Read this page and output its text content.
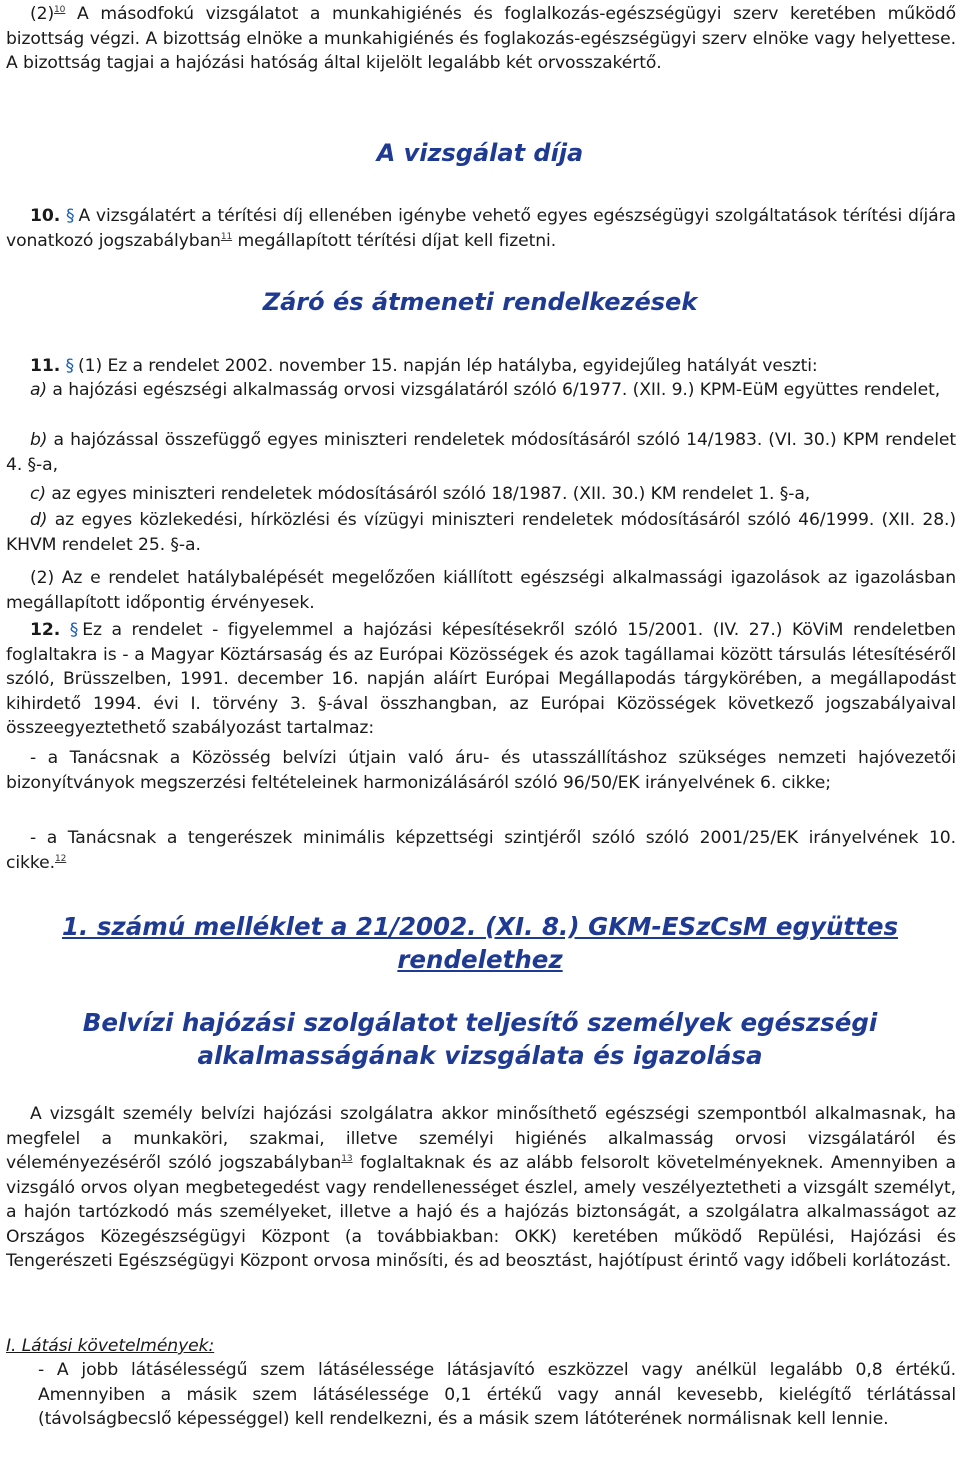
(2)$^{10}$ A másodfokú vizsgálatot a munkahigiénés és foglalkozás-egészségügyi szerv keretében működő bizottság végzi. A bizottság elnöke a munkahigiénés és foglakozás-egészségügyi szerv elnöke vagy helyettese. A bizottság tagjai a hajózási hatóság által kijelölt legalább két orvosszakértő.

A vizsgálat díja

10. § A vizsgálatért a térítési díj ellenében igénybe vehető egyes egészségügyi szolgáltatások térítési díjára vonatkozó jogszabályban$^{11}$ megállapított térítési díjat kell fizetni.

Záró és átmeneti rendelkezések

11. § (1) Ez a rendelet 2002. november 15. napján lép hatályba, egyidejűleg hatályát veszti:

a) a hajózási egészségi alkalmasság orvosi vizsgálatáról szóló 6/1977. (XII. 9.) KPM-EüM együttes rendelet,

b) a hajózással összefüggő egyes miniszteri rendeletek módosításáról szóló 14/1983. (VI. 30.) KPM rendelet 4. §-a,

c) az egyes miniszteri rendeletek módosításáról szóló 18/1987. (XII. 30.) KM rendelet 1. §-a,

d) az egyes közlekedési, hírközlési és vízügyi miniszteri rendeletek módosításáról szóló 46/1999. (XII. 28.) KHVM rendelet 25. §-a.

(2) Az e rendelet hatálybalépését megelőzően kiállított egészségi alkalmassági igazolások az igazolásban megállapított időpontig érvényesek.

12. § Ez a rendelet - figyelemmel a hajózási képesítésekről szóló 15/2001. (IV. 27.) KöViM rendeletben foglaltakra is - a Magyar Köztársaság és az Európai Közösségek és azok tagállamai között társulás létesítéséről szóló, Brüsszelben, 1991. december 16. napján aláírt Európai Megállapodás tárgykörében, a megállapodást kihirdető 1994. évi I. törvény 3. §-ával összhangban, az Európai Közösségek következő jogszabályaival összeegyeztethető szabályozást tartalmaz:

- a Tanácsnak a Közösség belvízi útjain való áru- és utasszállításhoz szükséges nemzeti hajóvezetői bizonyítványok megszerzési feltételeinek harmonizálásáról szóló 96/50/EK irányelvének 6. cikke;

- a Tanácsnak a tengerészek minimális képzettségi szintjéről szóló szóló 2001/25/EK irányelvének 10. cikke.$^{12}$

1. számú melléklet a 21/2002. (XI. 8.) GKM-ESzCsM együttes
rendelethez
Belvízi hajózási szolgálatot teljesítő személyek egészségi
alkalmasságának vizsgálata és igazolása

A vizsgált személy belvízi hajózási szolgálatra akkor minősíthető egészségi szempontból alkalmasnak, ha megfelel a munkaköri, szakmai, illetve személyi higiénés alkalmasság orvosi vizsgálatáról és véleményezéséről szóló jogszabályban$^{13}$ foglaltaknak és az alább felsorolt követelményeknek. Amennyiben a vizsgáló orvos olyan megbetegedést vagy rendellenességet észlel, amely veszélyeztetheti a vizsgált személyt, a hajón tartózkodó más személyeket, illetve a hajó és a hajózás biztonságát, a szolgálatra alkalmasságot az Országos Közegészségügyi Központ (a továbbiakban: OKK) keretében működő Repülési, Hajózási és Tengerészeti Egészségügyi Központ orvosa minősíti, és ad beosztást, hajótípust érintő vagy időbeli korlátozást.

I. Látási követelmények:

- A jobb látásélességű szem látásélessége látásjavító eszközzel vagy anélkül legalább 0,8 értékű. Amennyiben a másik szem látásélessége 0,1 értékű vagy annál kevesebb, kielégítő térlátással (távolságbecslő képességgel) kell rendelkezni, és a másik szem látóterének normálisnak kell lennie.
